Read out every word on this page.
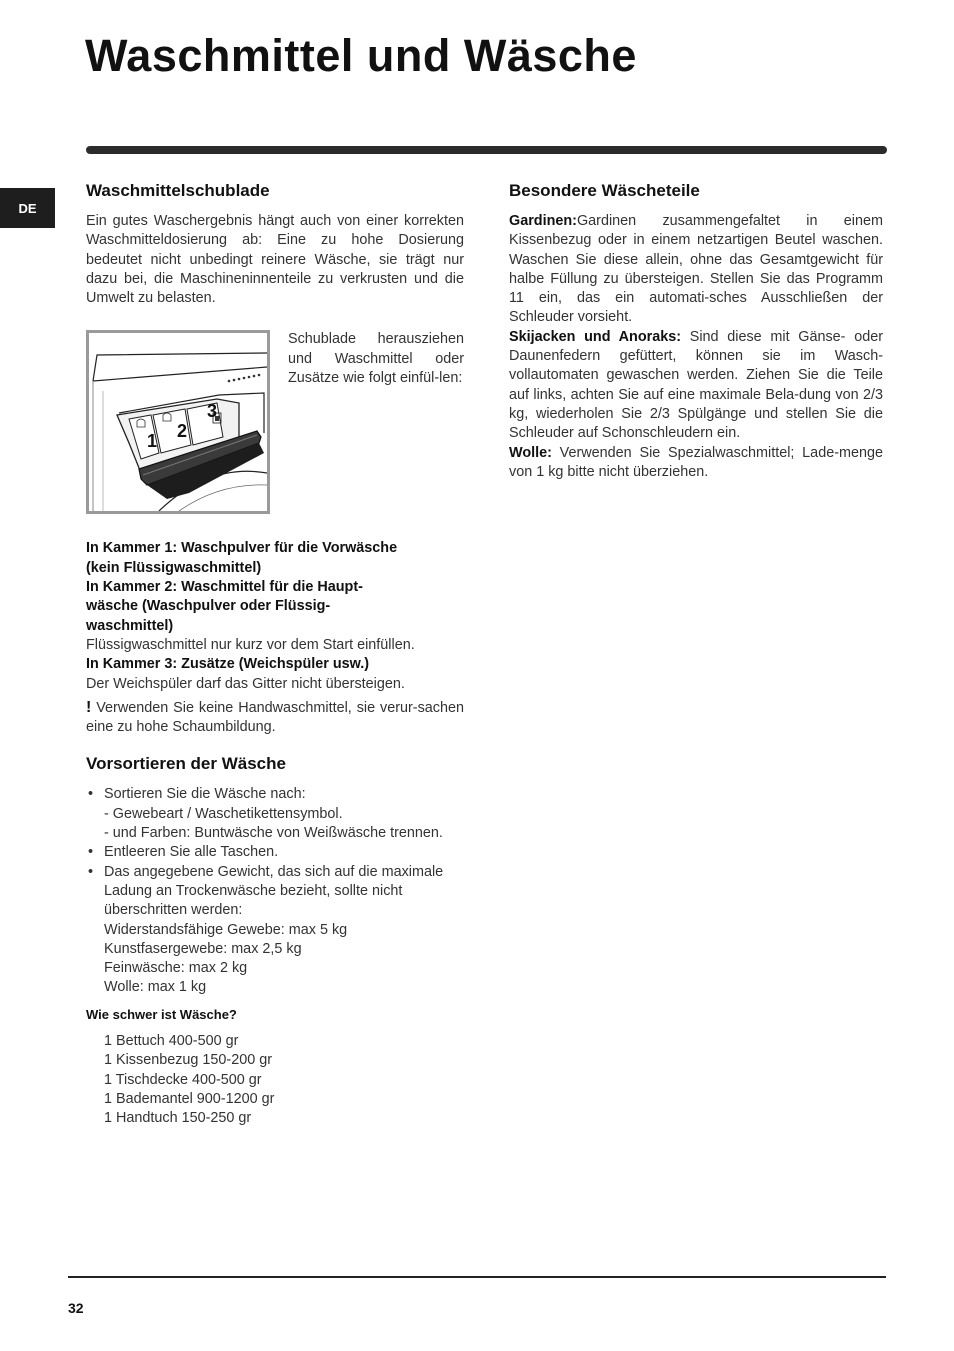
Waschmittel und Wäsche
DE
Waschmittelschublade

Ein gutes Waschergebnis hängt auch von einer korrekten Waschmitteldosierung ab: Eine zu hohe Dosierung bedeutet nicht unbedingt reinere Wäsche, sie trägt nur dazu bei, die Maschineninnenteile zu verkrusten und die Umwelt zu belasten.

1 2
3

Schublade herausziehen und Waschmittel oder Zusätze wie folgt einfül-len:

In Kammer 1: Waschpulver für die Vorwäsche

(kein Flüssigwaschmittel)

In Kammer 2: Waschmittel für die Haupt-

wäsche (Waschpulver oder Flüssig-

waschmittel)

Flüssigwaschmittel nur kurz vor dem Start einfüllen.

In Kammer 3: Zusätze (Weichspüler usw.)

Der Weichspüler darf das Gitter nicht übersteigen.

! Verwenden Sie keine Handwaschmittel, sie verur-sachen eine zu hohe Schaumbildung.

Vorsortieren der Wäsche
• Sortieren Sie die Wäsche nach:
- Gewebeart / Waschetikettensymbol.
- und Farben: Buntwäsche von Weißwäsche trennen.
• Entleeren Sie alle Taschen.
• Das angegebene Gewicht, das sich auf die maximale Ladung an Trockenwäsche bezieht, sollte nicht überschritten werden:
Widerstandsfähige Gewebe: max 5 kg
Kunstfasergewebe: max 2,5 kg
Feinwäsche: max 2 kg
Wolle: max 1 kg
Wie schwer ist Wäsche?
1 Bettuch 400-500 gr
1 Kissenbezug 150-200 gr
1 Tischdecke 400-500 gr
1 Bademantel 900-1200 gr
1 Handtuch 150-250 gr
Besondere Wäscheteile

Gardinen:Gardinen zusammengefaltet in einem Kissenbezug oder in einem netzartigen Beutel waschen. Waschen Sie diese allein, ohne das Gesamtgewicht für halbe Füllung zu übersteigen. Stellen Sie das Programm 11 ein, das ein automati-sches Ausschließen der Schleuder vorsieht.

Skijacken und Anoraks: Sind diese mit Gänse- oder Daunenfedern gefüttert, können sie im Wasch-vollautomaten gewaschen werden. Ziehen Sie die Teile auf links, achten Sie auf eine maximale Bela-dung von 2/3 kg, wiederholen Sie 2/3 Spülgänge und stellen Sie die Schleuder auf Schonschleudern ein.

Wolle: Verwenden Sie Spezialwaschmittel; Lade-menge von 1 kg bitte nicht überziehen.

32
